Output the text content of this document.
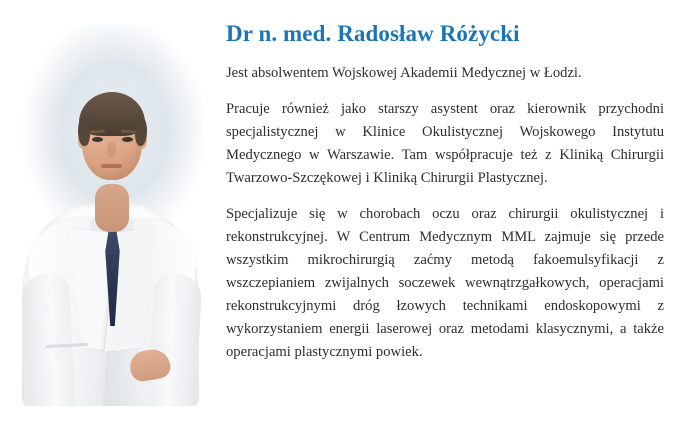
Dr n. med. Radosław Różycki

Jest absolwentem Wojskowej Akademii Medycznej w Łodzi.

Pracuje również jako starszy asystent oraz kierownik przychodni specjalistycznej w Klinice Okulistycznej Wojskowego Instytutu Medycznego w Warszawie. Tam współpracuje też z Kliniką Chirurgii Twarzowo-Szczękowej i Kliniką Chirurgii Plastycznej.

Specjalizuje się w chorobach oczu oraz chirurgii okulistycznej i rekonstrukcyjnej. W Centrum Medycznym MML zajmuje się przede wszystkim mikrochirurgią zaćmy metodą fakoemulsyfikacji z wszczepianiem zwijalnych soczewek wewnątrzgałkowych, operacjami rekonstrukcyjnymi dróg łzowych technikami endoskopowymi z wykorzystaniem energii laserowej oraz metodami klasycznymi, a także operacjami plastycznymi powiek.
